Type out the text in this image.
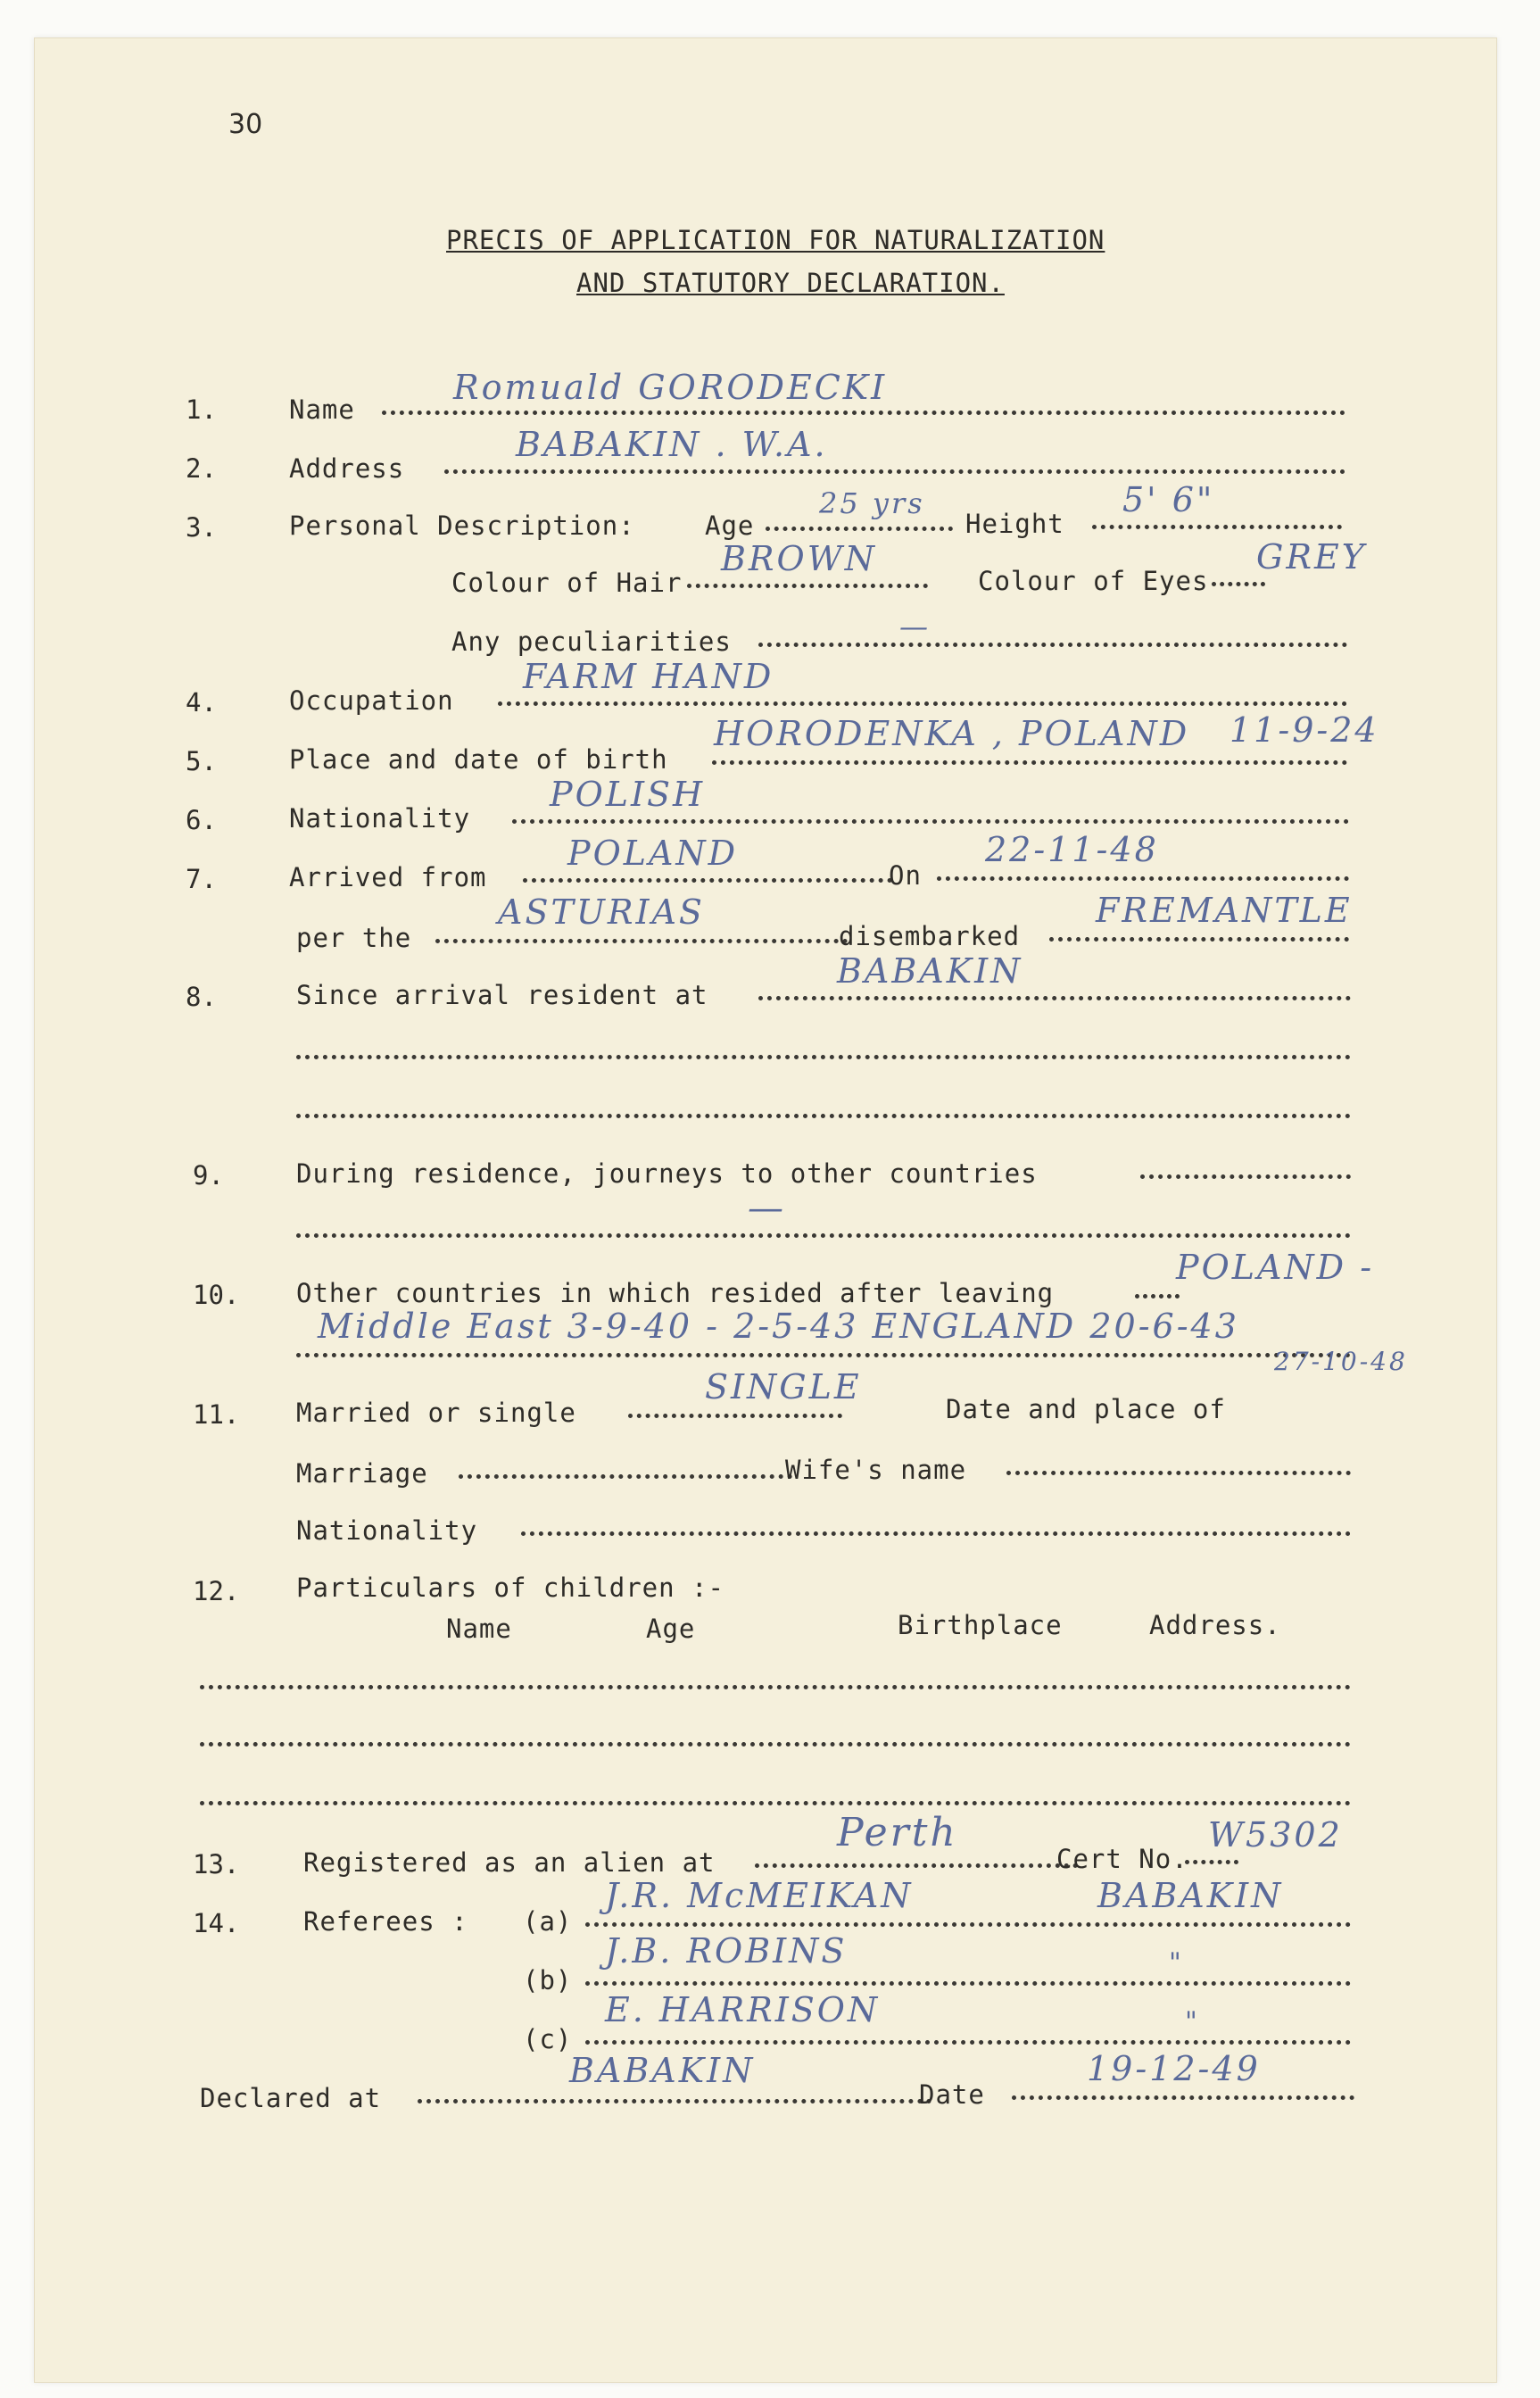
30
PRECIS OF APPLICATION FOR NATURALIZATION
AND STATUTORY DECLARATION.
1.	Name
Romuald GORODECKI
2.	Address
BABAKIN . W.A.
3.	Personal Description:	Age
25 yrs
Height
5' 6"
Colour of Hair
BROWN
Colour of Eyes
GREY
Any peculiarities	—
4.	Occupation
FARM HAND
5.	Place and date of birth
HORODENKA , POLAND 11-9-24
6.	Nationality
POLISH
7.	Arrived from
POLAND
On
22-11-48
per the
ASTURIAS
disembarked
FREMANTLE
8.	Since arrival resident at
BABAKIN
9.	During residence, journeys to other countries
—
10. Other countries in which resided after leaving
POLAND -
Middle East 3-9-40 - 2-5-43 ENGLAND 20-6-43
27-10-48
11. Married or single
SINGLE
Date and place of
Marriage	Wife's name
Nationality
12. Particulars of children :-
Name	Age	Birthplace	Address.
13. Registered as an alien at
Perth
Cert No.
W5302
14. Referees : (a)
J.R. McMEIKAN	BABAKIN
(b)
J.B. ROBINS	"
(c)
E. HARRISON	"
Declared at
BABAKIN
Date
19-12-49
